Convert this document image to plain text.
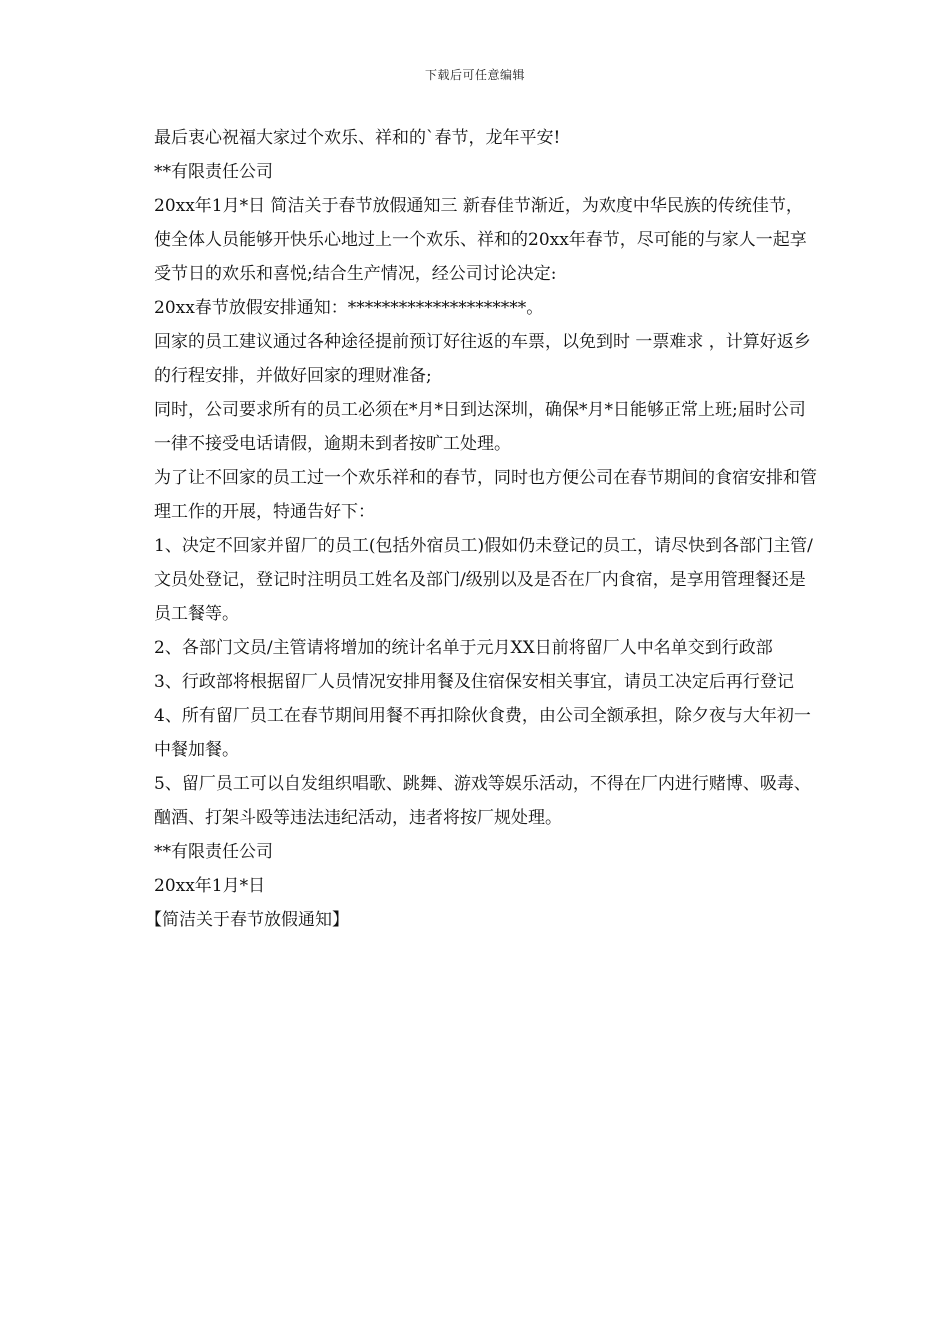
下载后可任意编辑

最后衷心祝福大家过个欢乐、祥和的`春节，龙年平安!

**有限责任公司

20xx年1月*日 简洁关于春节放假通知三 新春佳节渐近，为欢度中华民族的传统佳节，使全体人员能够开快乐心地过上一个欢乐、祥和的20xx年春节，尽可能的与家人一起享受节日的欢乐和喜悦;结合生产情况，经公司讨论决定:

20xx春节放假安排通知：*********************。

回家的员工建议通过各种途径提前预订好往返的车票，以免到时 一票难求 ，计算好返乡的行程安排，并做好回家的理财准备;

同时，公司要求所有的员工必须在*月*日到达深圳，确保*月*日能够正常上班;届时公司一律不接受电话请假，逾期未到者按旷工处理。

为了让不回家的员工过一个欢乐祥和的春节，同时也方便公司在春节期间的食宿安排和管理工作的开展，特通告好下：

1、决定不回家并留厂的员工(包括外宿员工)假如仍未登记的员工，请尽快到各部门主管/文员处登记，登记时注明员工姓名及部门/级别以及是否在厂内食宿，是享用管理餐还是员工餐等。

2、各部门文员/主管请将增加的统计名单于元月XX日前将留厂人中名单交到行政部

3、行政部将根据留厂人员情况安排用餐及住宿保安相关事宜，请员工决定后再行登记

4、所有留厂员工在春节期间用餐不再扣除伙食费，由公司全额承担，除夕夜与大年初一中餐加餐。

5、留厂员工可以自发组织唱歌、跳舞、游戏等娱乐活动，不得在厂内进行赌博、吸毒、酗酒、打架斗殴等违法违纪活动，违者将按厂规处理。

**有限责任公司

20xx年1月*日

【简洁关于春节放假通知】
